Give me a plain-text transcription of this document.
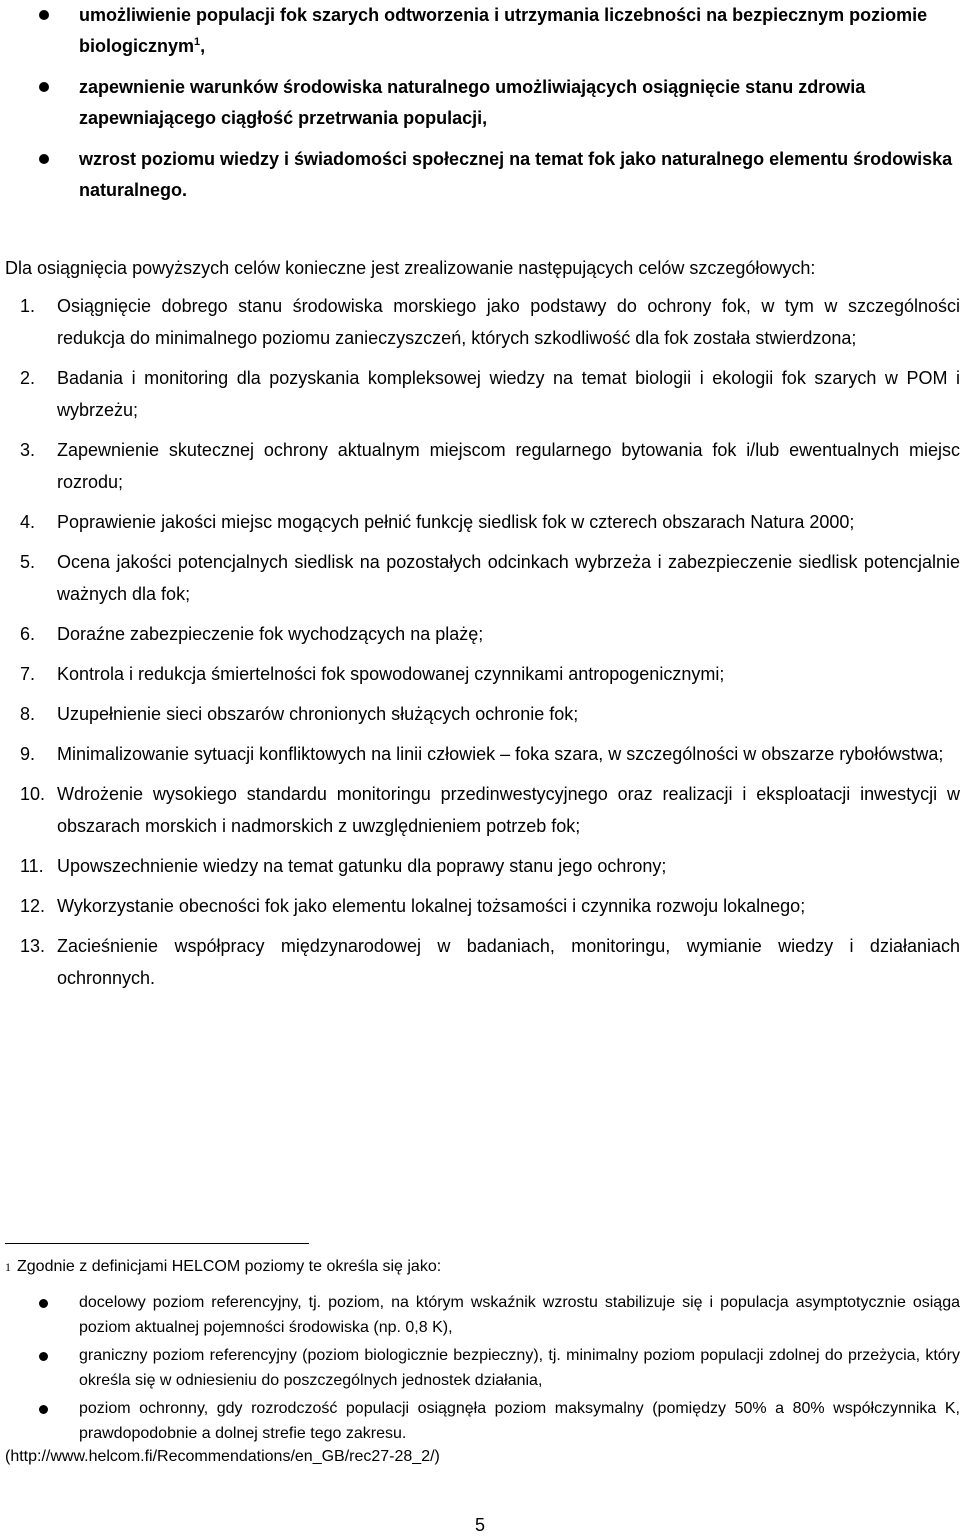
umożliwienie populacji fok szarych odtworzenia i utrzymania liczebności na bezpiecznym poziomie biologicznym$^1$,
zapewnienie warunków środowiska naturalnego umożliwiających osiągnięcie stanu zdrowia zapewniającego ciągłość przetrwania populacji,
wzrost poziomu wiedzy i świadomości społecznej na temat fok jako naturalnego elementu środowiska naturalnego.

Dla osiągnięcia powyższych celów konieczne jest zrealizowanie następujących celów szczegółowych:

1. Osiągnięcie dobrego stanu środowiska morskiego jako podstawy do ochrony fok, w tym w szczególności redukcja do minimalnego poziomu zanieczyszczeń, których szkodliwość dla fok została stwierdzona;
2. Badania i monitoring dla pozyskania kompleksowej wiedzy na temat biologii i ekologii fok szarych w POM i wybrzeżu;
3. Zapewnienie skutecznej ochrony aktualnym miejscom regularnego bytowania fok i/lub ewentualnych miejsc rozrodu;
4. Poprawienie jakości miejsc mogących pełnić funkcję siedlisk fok w czterech obszarach Natura 2000;
5. Ocena jakości potencjalnych siedlisk na pozostałych odcinkach wybrzeża i zabezpieczenie siedlisk potencjalnie ważnych dla fok;
6. Doraźne zabezpieczenie fok wychodzących na plażę;
7. Kontrola i redukcja śmiertelności fok spowodowanej czynnikami antropogenicznymi;
8. Uzupełnienie sieci obszarów chronionych służących ochronie fok;
9. Minimalizowanie sytuacji konfliktowych na linii człowiek – foka szara, w szczególności w obszarze rybołówstwa;
10. Wdrożenie wysokiego standardu monitoringu przedinwestycyjnego oraz realizacji i eksploatacji inwestycji w obszarach morskich i nadmorskich z uwzględnieniem potrzeb fok;
11. Upowszechnienie wiedzy na temat gatunku dla poprawy stanu jego ochrony;
12. Wykorzystanie obecności fok jako elementu lokalnej tożsamości i czynnika rozwoju lokalnego;
13. Zacieśnienie współpracy międzynarodowej w badaniach, monitoringu, wymianie wiedzy i działaniach ochronnych.

$^1$ Zgodnie z definicjami HELCOM poziomy te określa się jako:

docelowy poziom referencyjny, tj. poziom, na którym wskaźnik wzrostu stabilizuje się i populacja asymptotycznie osiąga poziom aktualnej pojemności środowiska (np. 0,8 K),
graniczny poziom referencyjny (poziom biologicznie bezpieczny), tj. minimalny poziom populacji zdolnej do przeżycia, który określa się w odniesieniu do poszczególnych jednostek działania,
poziom ochronny, gdy rozrodczość populacji osiągnęła poziom maksymalny (pomiędzy 50% a 80% współczynnika K, prawdopodobnie a dolnej strefie tego zakresu.

(http://www.helcom.fi/Recommendations/en_GB/rec27-28_2/)

5
